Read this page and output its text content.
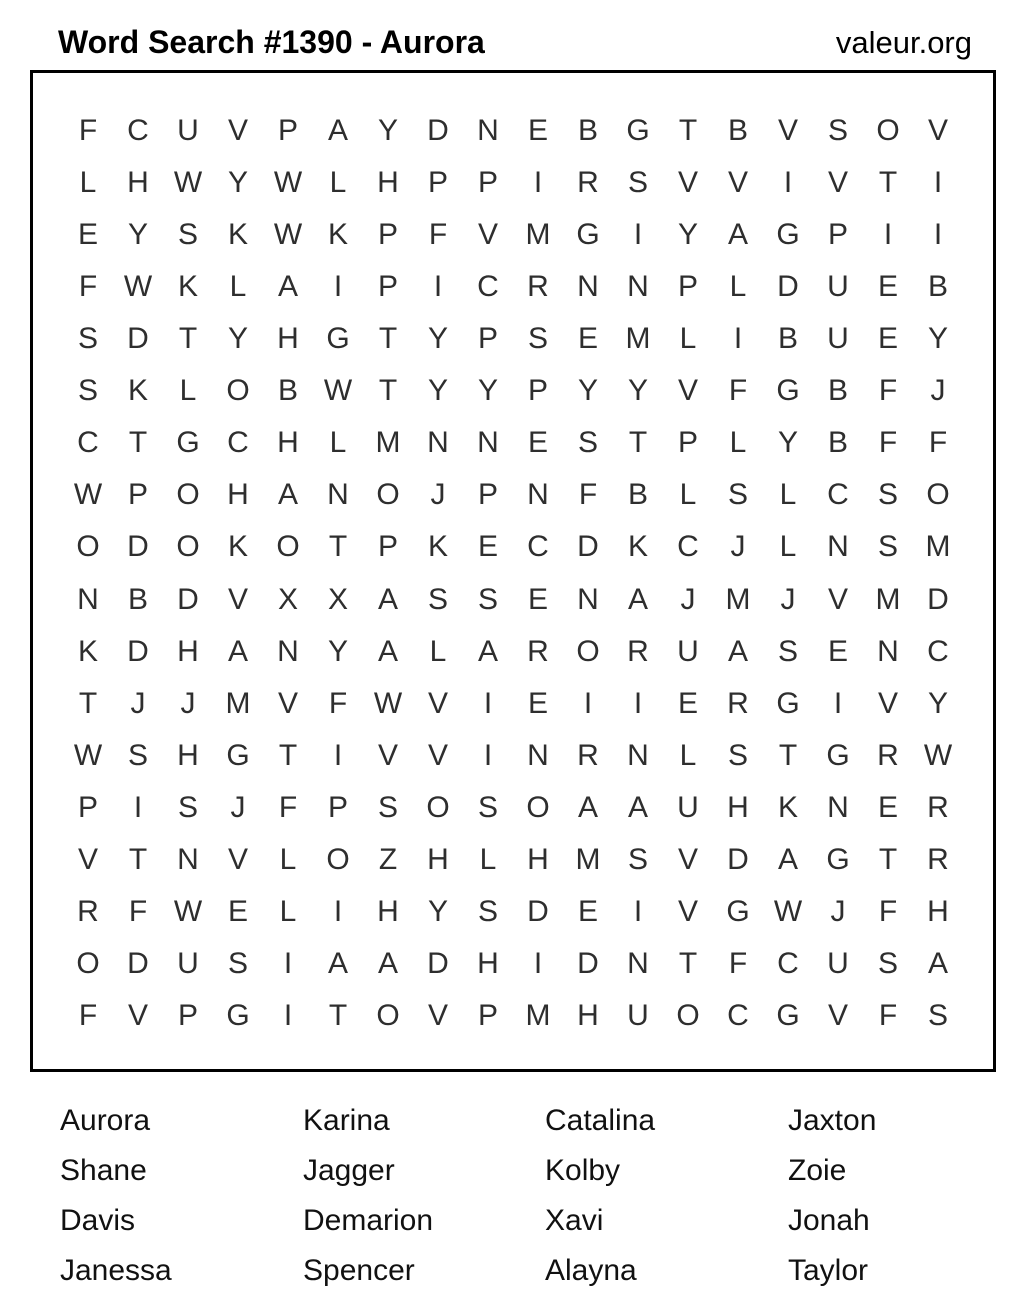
Word Search #1390 - Aurora	valeur.org
F C U V P A Y D N E B G T B V S O V
L H W Y W L H P P I R S V V I V T I
E Y S K W K P F V M G I Y A G P I I
F W K L A I P I C R N N P L D U E B
S D T Y H G T Y P S E M L I B U E Y
S K L O B W T Y Y P Y Y V F G B F J
C T G C H L M N N E S T P L Y B F F
W P O H A N O J P N F B L S L C S O
O D O K O T P K E C D K C J L N S M
N B D V X X A S S E N A J M J V M D
K D H A N Y A L A R O R U A S E N C
T J J M V F W V I E I I E R G I V Y
W S H G T I V V I N R N L S T G R W
P I S J F P S O S O A A U H K N E R
V T N V L O Z H L H M S V D A G T R
R F W E L I H Y S D E I V G W J F H
O D U S I A A D H I D N T F C U S A
F V P G I T O V P M H U O C G V F S
Aurora
Shane
Davis
Janessa
Karina
Jagger
Demarion
Spencer
Catalina
Kolby
Xavi
Alayna
Jaxton
Zoie
Jonah
Taylor
